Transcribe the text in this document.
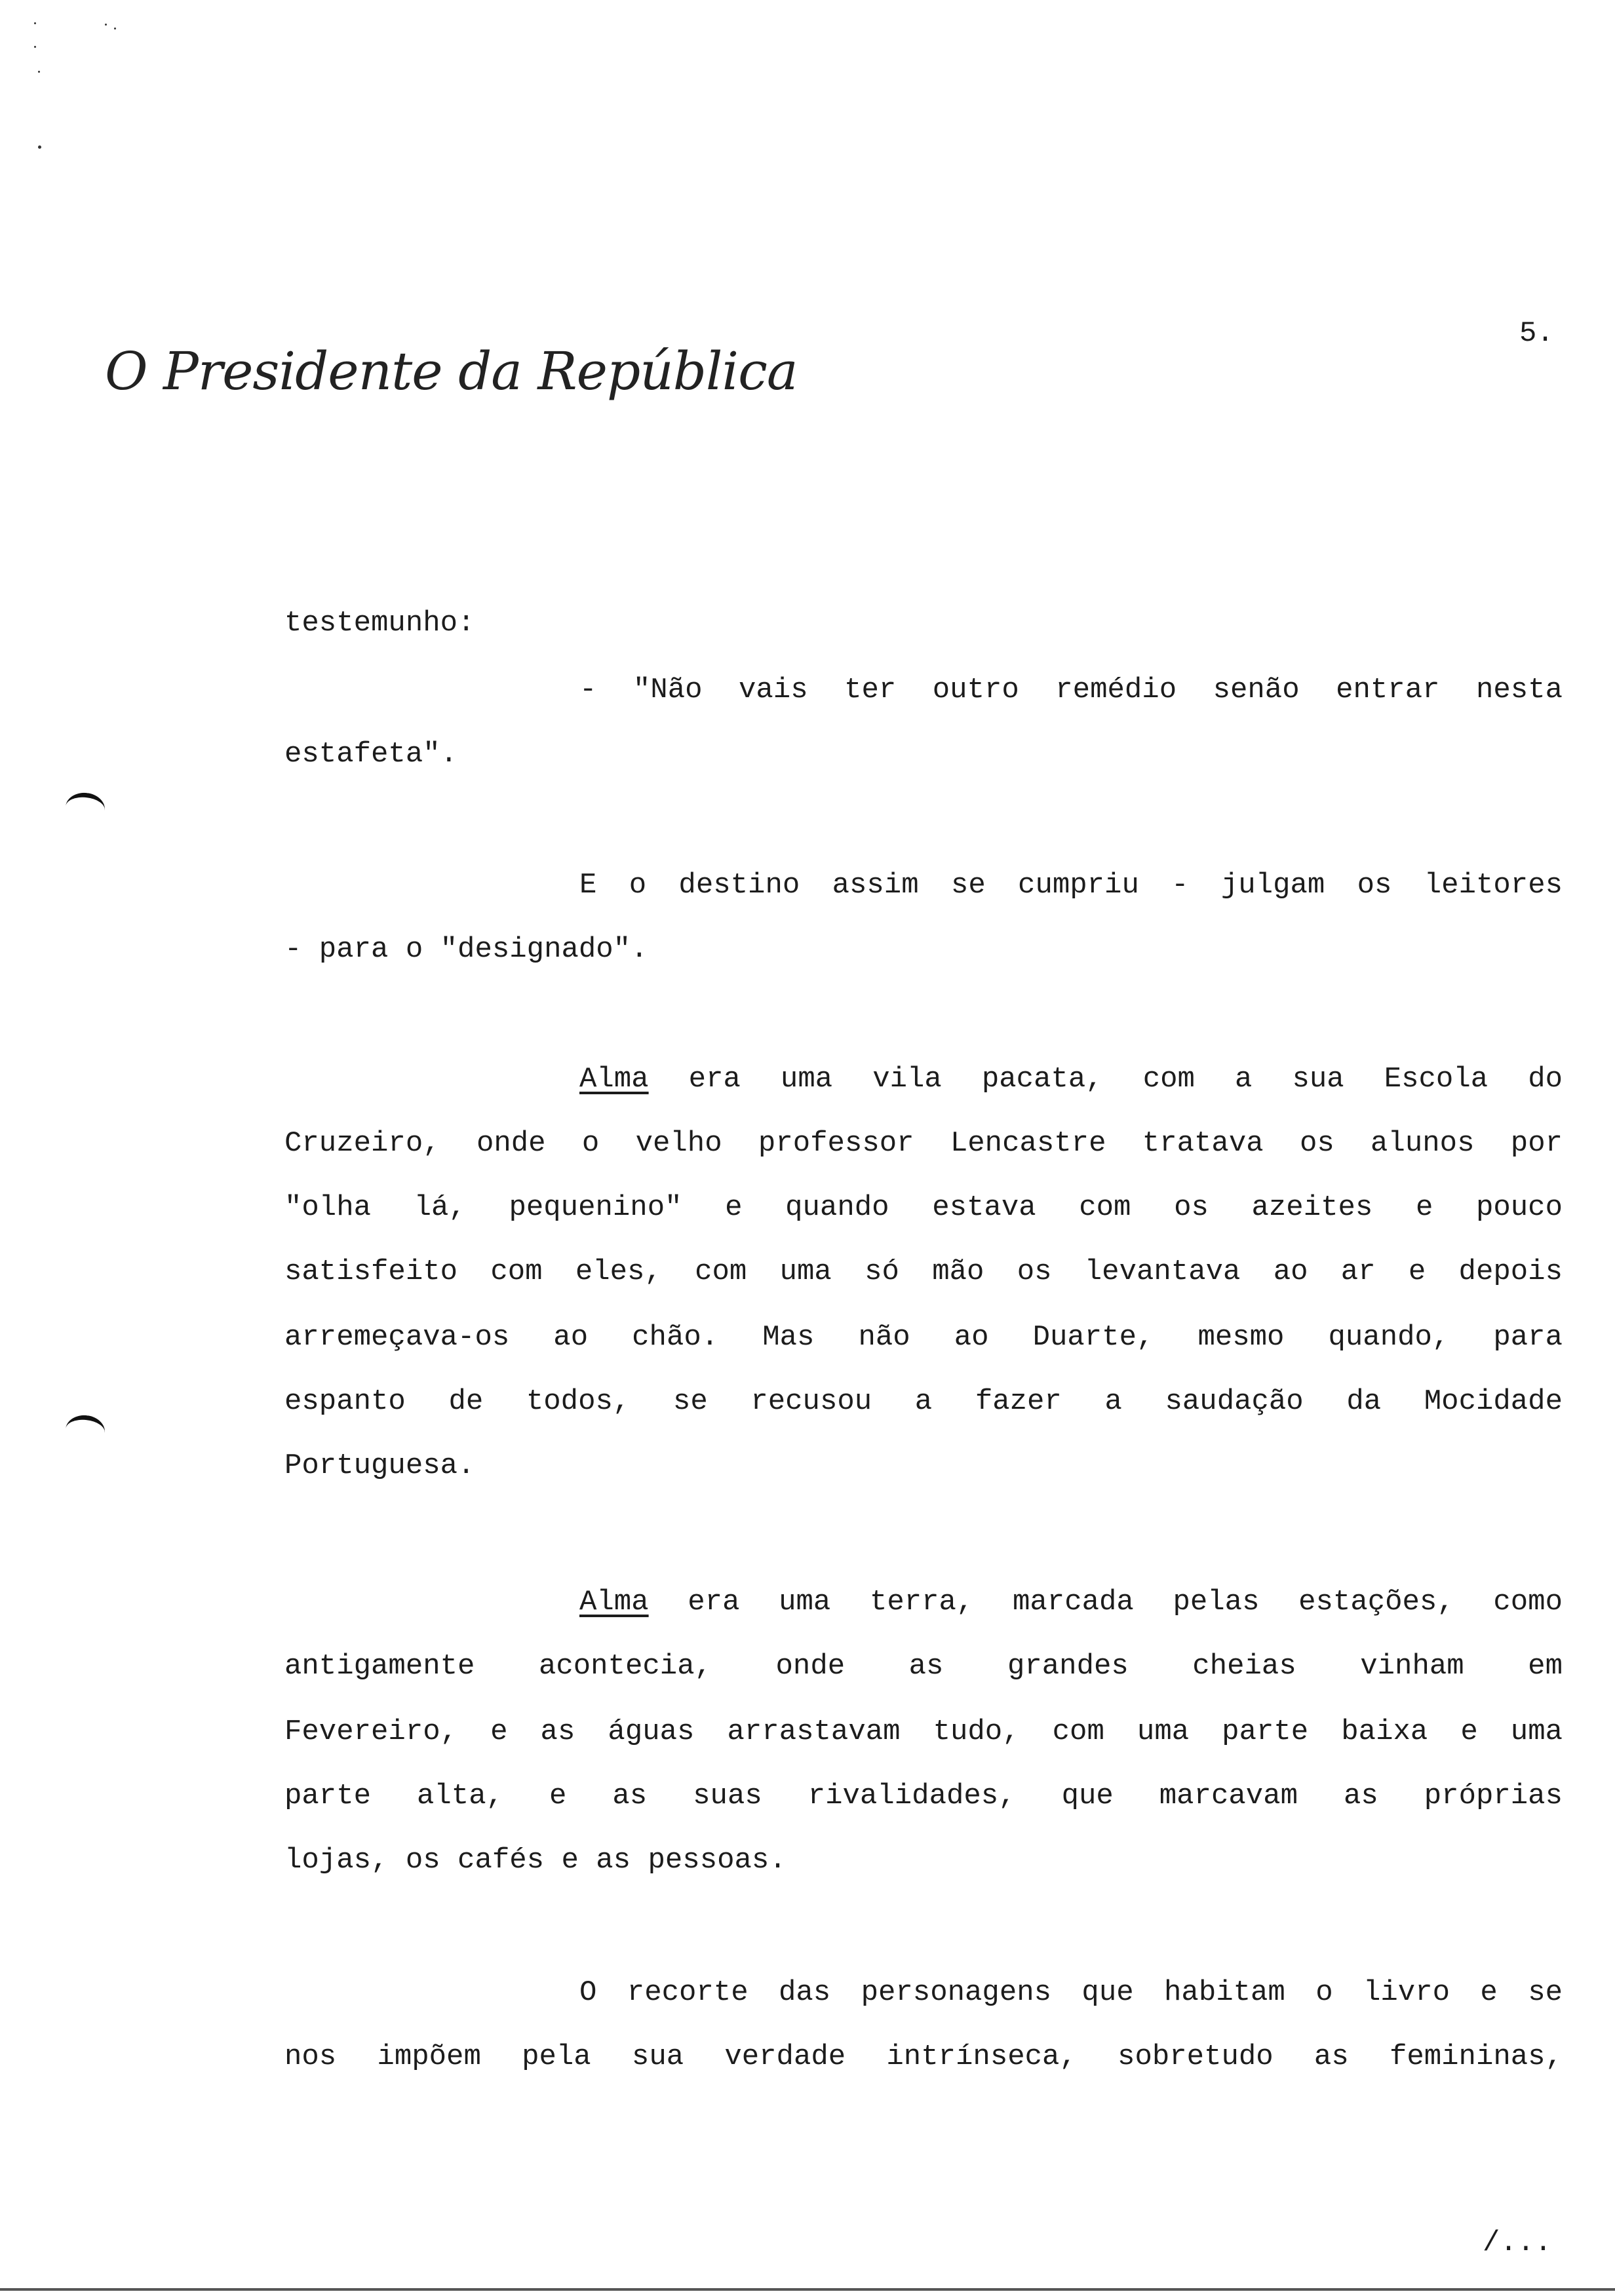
O Presidente da República
5.
testemunho:
- "Não vais ter outro remédio senão entrar nesta
estafeta".
E o destino assim se cumpriu - julgam os leitores
- para o "designado".
Alma era uma vila pacata, com a sua Escola do
Cruzeiro, onde o velho professor Lencastre tratava os alunos por
"olha lá, pequenino" e quando estava com os azeites e pouco
satisfeito com eles, com uma só mão os levantava ao ar e depois
arremeçava-os ao chão. Mas não ao Duarte, mesmo quando, para
espanto de todos, se recusou a fazer a saudação da Mocidade
Portuguesa.
Alma era uma terra, marcada pelas estações, como
antigamente acontecia, onde as grandes cheias vinham em
Fevereiro, e as águas arrastavam tudo, com uma parte baixa e uma
parte alta, e as suas rivalidades, que marcavam as próprias
lojas, os cafés e as pessoas.
O recorte das personagens que habitam o livro e se
nos impõem pela sua verdade intrínseca, sobretudo as femininas,
/...
